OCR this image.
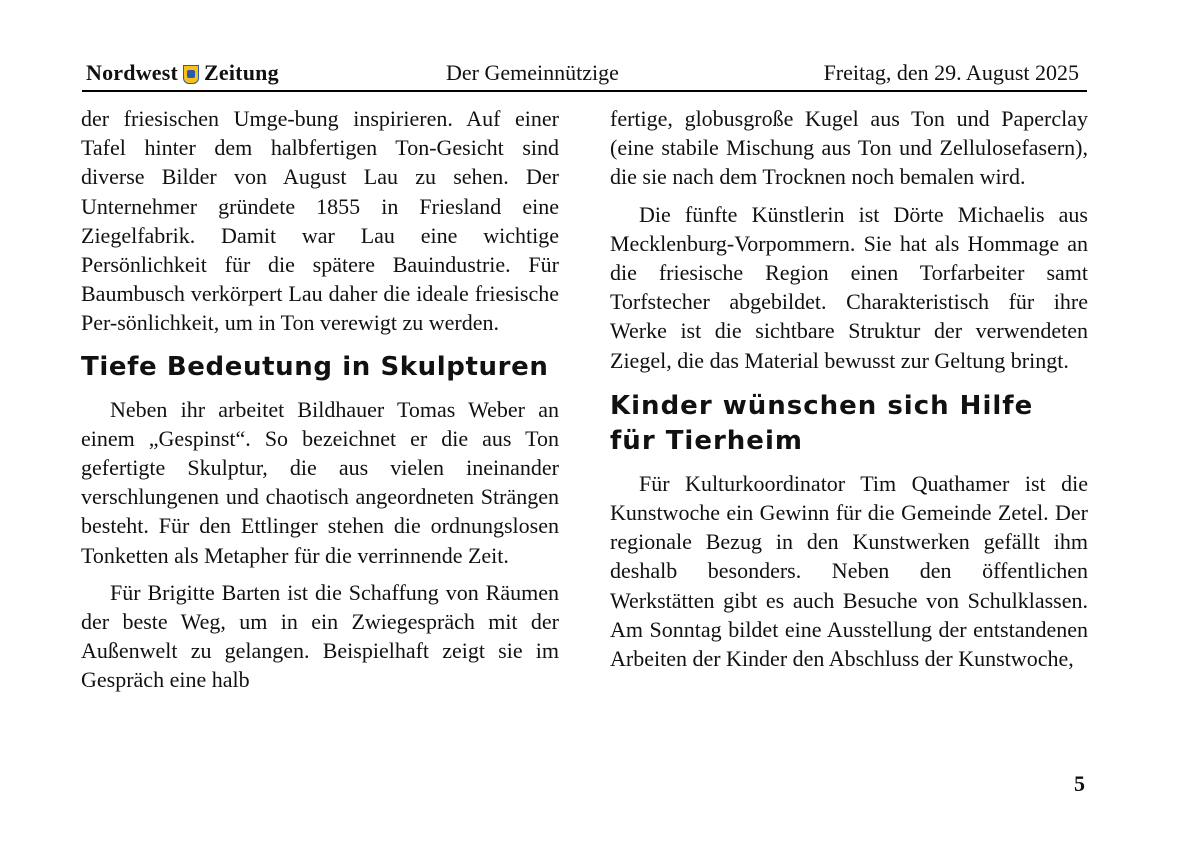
Nordwest Zeitung	Der Gemeinnützige	Freitag, den 29. August 2025

der friesischen Umge-bung inspirieren. Auf einer Tafel hinter dem halbfertigen Ton-Gesicht sind diverse Bilder von August Lau zu sehen. Der Unternehmer gründete 1855 in Friesland eine Ziegelfabrik. Damit war Lau eine wichtige Persönlichkeit für die spätere Bauindustrie. Für Baumbusch verkörpert Lau daher die ideale friesische Per-sönlichkeit, um in Ton verewigt zu werden.

Tiefe Bedeutung in Skulpturen

Neben ihr arbeitet Bildhauer Tomas Weber an einem „Gespinst“. So bezeichnet er die aus Ton gefertigte Skulptur, die aus vielen ineinander verschlungenen und chaotisch angeordneten Strängen besteht. Für den Ettlinger stehen die ordnungslosen Tonketten als Metapher für die verrinnende Zeit.

Für Brigitte Barten ist die Schaffung von Räumen der beste Weg, um in ein Zwiegespräch mit der Außenwelt zu gelangen. Beispielhaft zeigt sie im Gespräch eine halb

fertige, globusgroße Kugel aus Ton und Paperclay (eine stabile Mischung aus Ton und Zellulosefasern), die sie nach dem Trocknen noch bemalen wird.

Die fünfte Künstlerin ist Dörte Michaelis aus Mecklenburg-Vorpommern. Sie hat als Hommage an die friesische Region einen Torfarbeiter samt Torfstecher abgebildet. Charakteristisch für ihre Werke ist die sichtbare Struktur der verwendeten Ziegel, die das Material bewusst zur Geltung bringt.

Kinder wünschen sich Hilfe für Tierheim

Für Kulturkoordinator Tim Quathamer ist die Kunstwoche ein Gewinn für die Gemeinde Zetel. Der regionale Bezug in den Kunstwerken gefällt ihm deshalb besonders. Neben den öffentlichen Werkstätten gibt es auch Besuche von Schulklassen. Am Sonntag bildet eine Ausstellung der entstandenen Arbeiten der Kinder den Abschluss der Kunstwoche,

5
